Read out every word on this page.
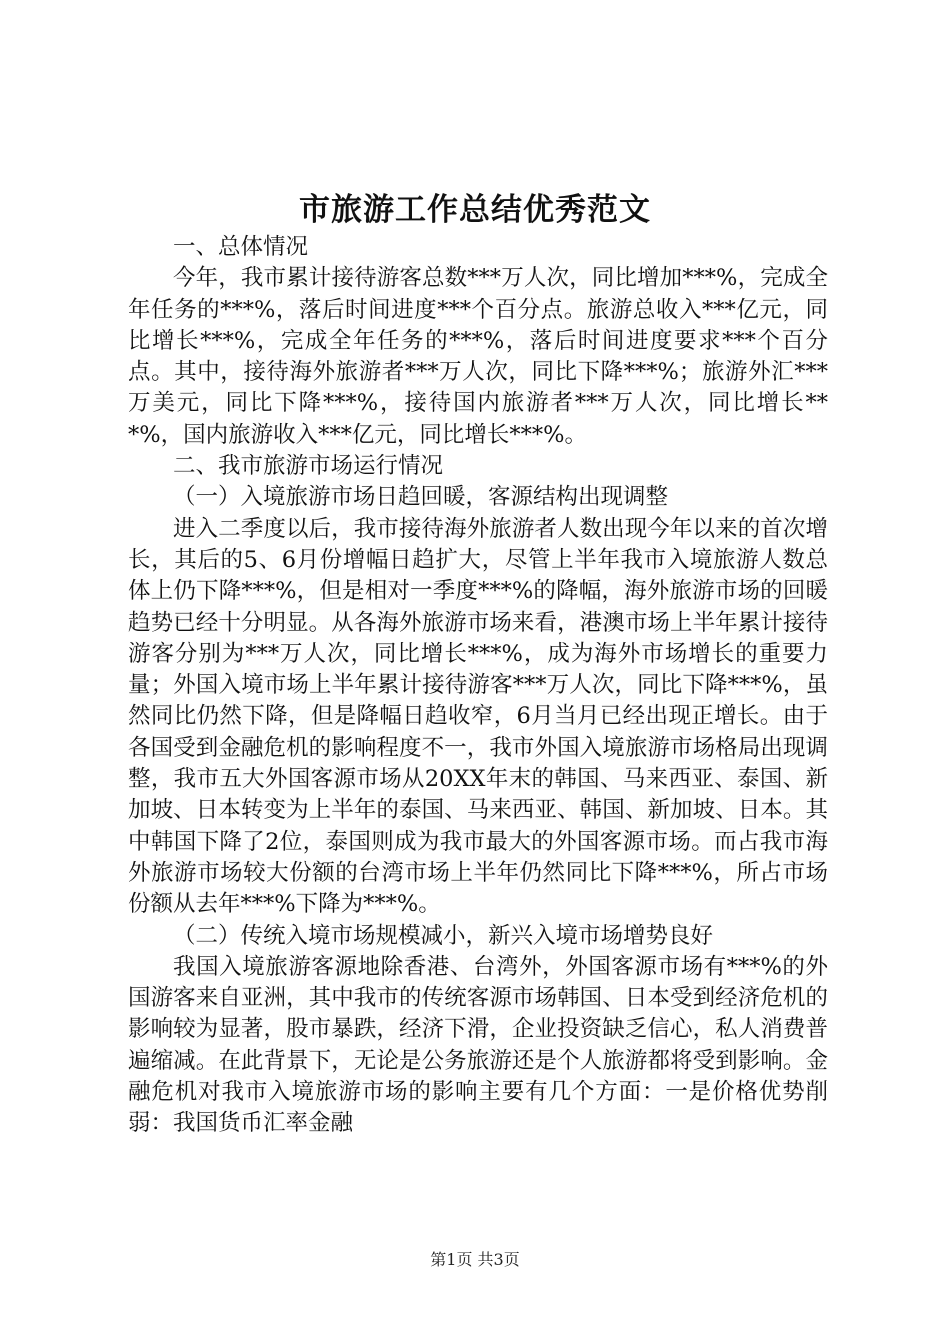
市旅游工作总结优秀范文

一、总体情况

今年，我市累计接待游客总数***万人次，同比增加***%，完成全年任务的***%，落后时间进度***个百分点。旅游总收入***亿元，同比增长***%，完成全年任务的***%，落后时间进度要求***个百分点。其中，接待海外旅游者***万人次，同比下降***%；旅游外汇***万美元，同比下降***%，接待国内旅游者***万人次，同比增长***%，国内旅游收入***亿元，同比增长***%。

二、我市旅游市场运行情况

（一）入境旅游市场日趋回暖，客源结构出现调整

进入二季度以后，我市接待海外旅游者人数出现今年以来的首次增长，其后的5、6月份增幅日趋扩大，尽管上半年我市入境旅游人数总体上仍下降***%，但是相对一季度***%的降幅，海外旅游市场的回暖趋势已经十分明显。从各海外旅游市场来看，港澳市场上半年累计接待游客分别为***万人次，同比增长***%，成为海外市场增长的重要力量；外国入境市场上半年累计接待游客***万人次，同比下降***%，虽然同比仍然下降，但是降幅日趋收窄，6月当月已经出现正增长。由于各国受到金融危机的影响程度不一，我市外国入境旅游市场格局出现调整，我市五大外国客源市场从20XX年末的韩国、马来西亚、泰国、新加坡、日本转变为上半年的泰国、马来西亚、韩国、新加坡、日本。其中韩国下降了2位，泰国则成为我市最大的外国客源市场。而占我市海外旅游市场较大份额的台湾市场上半年仍然同比下降***%，所占市场份额从去年***%下降为***%。

（二）传统入境市场规模减小，新兴入境市场增势良好

我国入境旅游客源地除香港、台湾外，外国客源市场有***%的外国游客来自亚洲，其中我市的传统客源市场韩国、日本受到经济危机的影响较为显著，股市暴跌，经济下滑，企业投资缺乏信心，私人消费普遍缩减。在此背景下，无论是公务旅游还是个人旅游都将受到影响。金融危机对我市入境旅游市场的影响主要有几个方面：一是价格优势削弱：我国货币汇率金融

第1页 共3页
